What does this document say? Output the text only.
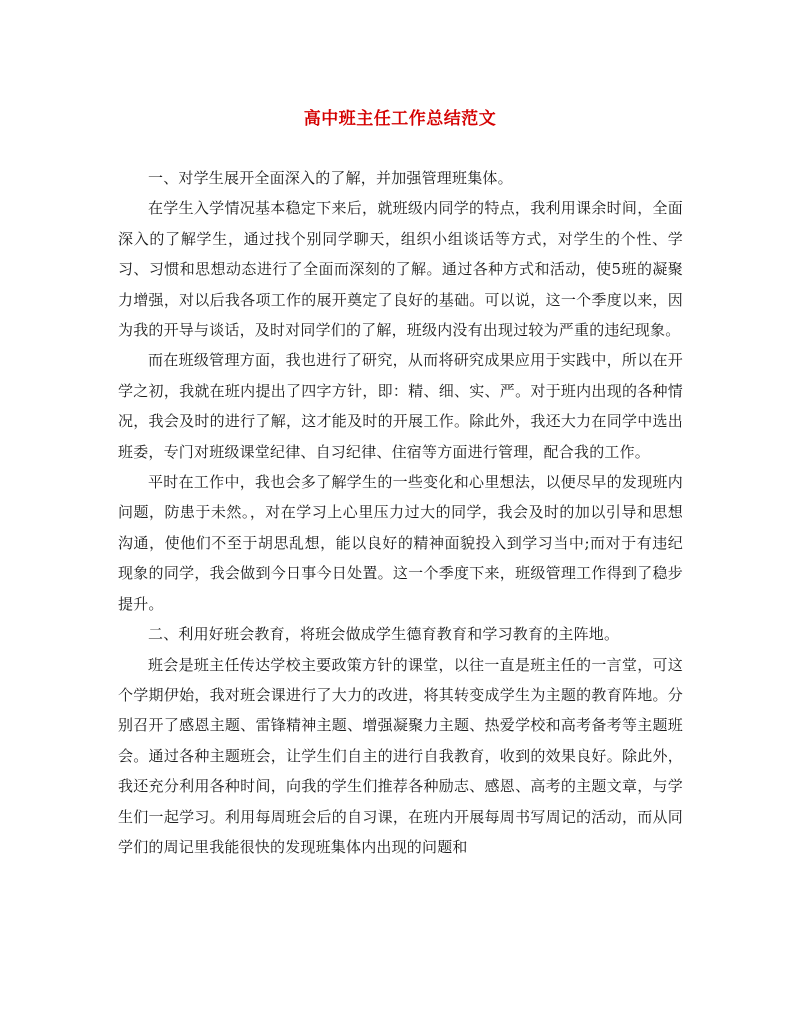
高中班主任工作总结范文

一、对学生展开全面深入的了解，并加强管理班集体。

在学生入学情况基本稳定下来后，就班级内同学的特点，我利用课余时间，全面深入的了解学生，通过找个别同学聊天，组织小组谈话等方式，对学生的个性、学习、习惯和思想动态进行了全面而深刻的了解。通过各种方式和活动，使5班的凝聚力增强，对以后我各项工作的展开奠定了良好的基础。可以说，这一个季度以来，因为我的开导与谈话，及时对同学们的了解，班级内没有出现过较为严重的违纪现象。

而在班级管理方面，我也进行了研究，从而将研究成果应用于实践中，所以在开学之初，我就在班内提出了四字方针，即：精、细、实、严。对于班内出现的各种情况，我会及时的进行了解，这才能及时的开展工作。除此外，我还大力在同学中选出班委，专门对班级课堂纪律、自习纪律、住宿等方面进行管理，配合我的工作。

平时在工作中，我也会多了解学生的一些变化和心里想法，以便尽早的发现班内问题，防患于未然。，对在学习上心里压力过大的同学，我会及时的加以引导和思想沟通，使他们不至于胡思乱想，能以良好的精神面貌投入到学习当中;而对于有违纪现象的同学，我会做到今日事今日处置。这一个季度下来，班级管理工作得到了稳步提升。

二、利用好班会教育，将班会做成学生德育教育和学习教育的主阵地。

班会是班主任传达学校主要政策方针的课堂，以往一直是班主任的一言堂，可这个学期伊始，我对班会课进行了大力的改进，将其转变成学生为主题的教育阵地。分别召开了感恩主题、雷锋精神主题、增强凝聚力主题、热爱学校和高考备考等主题班会。通过各种主题班会，让学生们自主的进行自我教育，收到的效果良好。除此外，我还充分利用各种时间，向我的学生们推荐各种励志、感恩、高考的主题文章，与学生们一起学习。利用每周班会后的自习课，在班内开展每周书写周记的活动，而从同学们的周记里我能很快的发现班集体内出现的问题和
